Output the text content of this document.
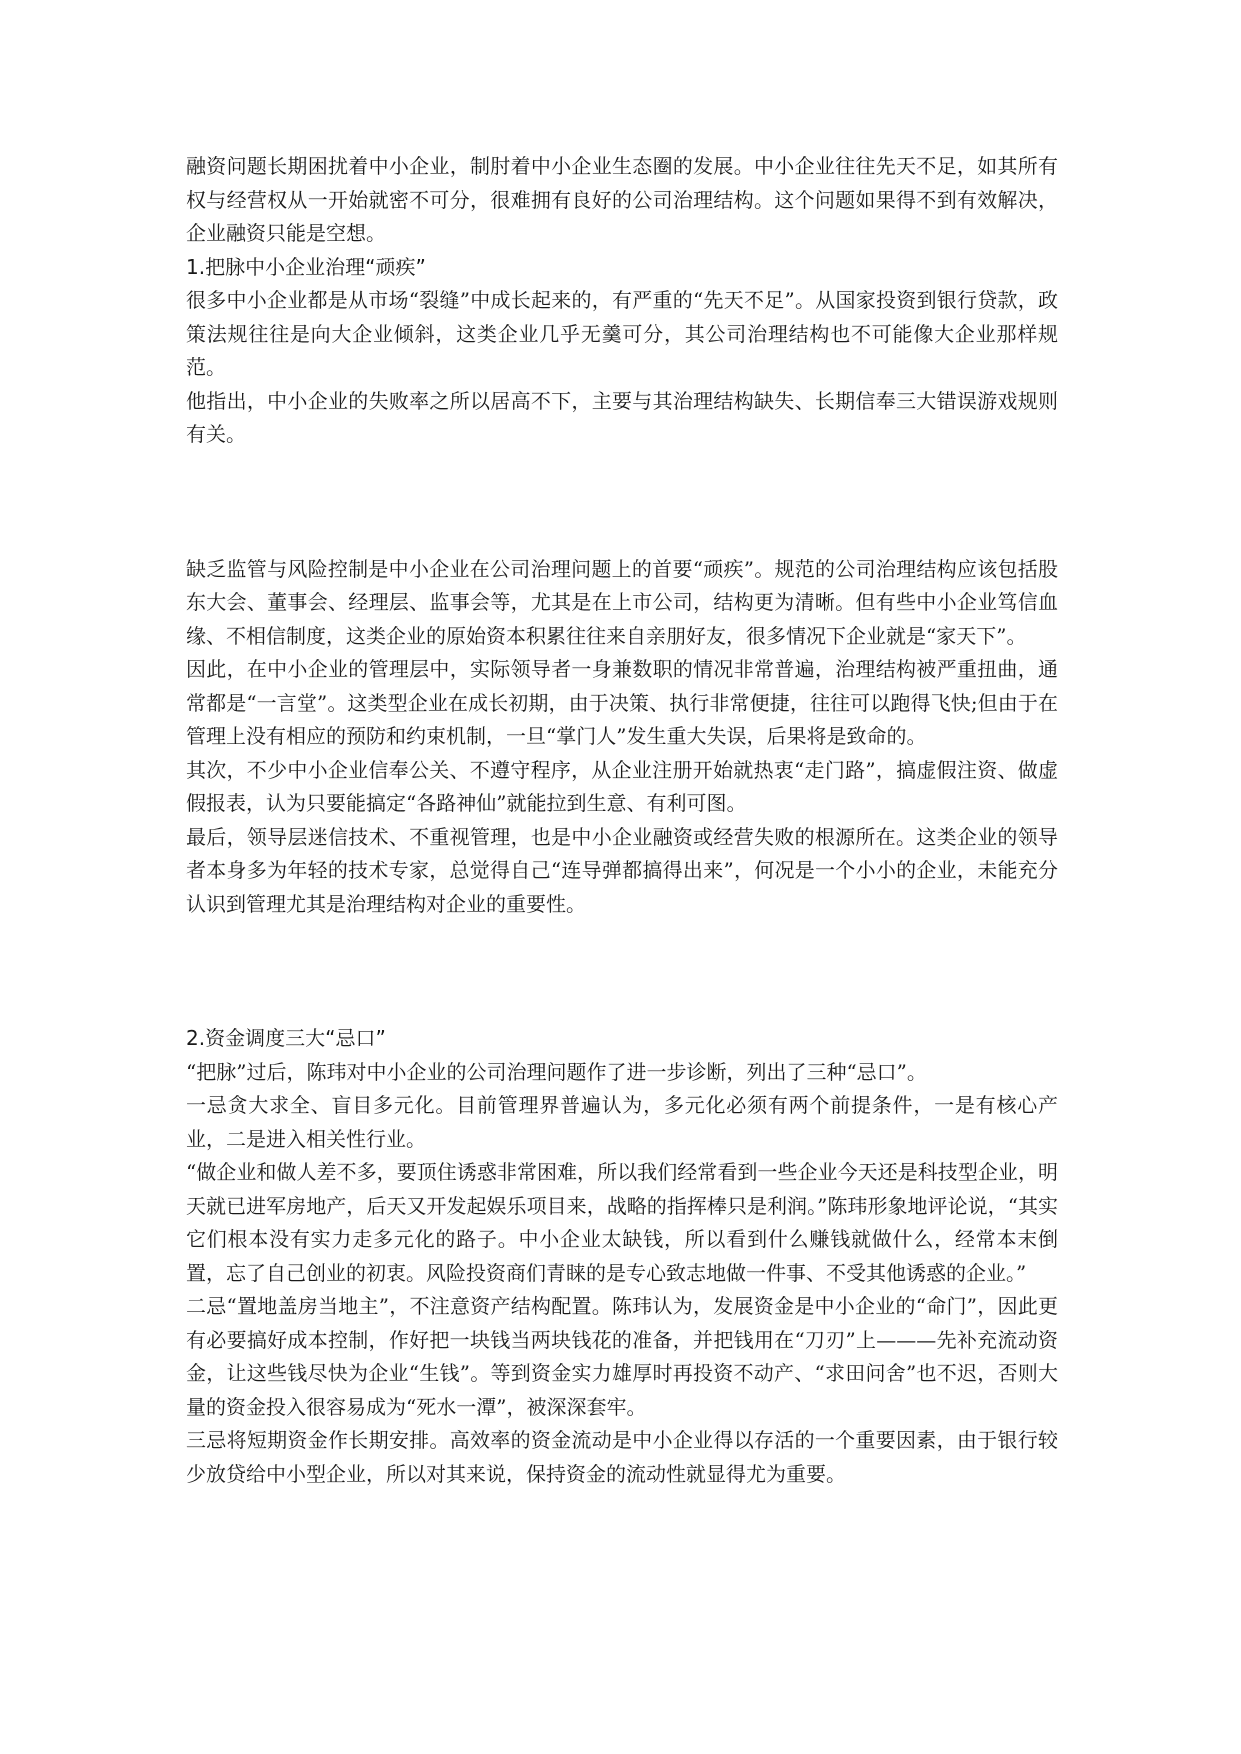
融资问题长期困扰着中小企业，制肘着中小企业生态圈的发展。中小企业往往先天不足，如其所有权与经营权从一开始就密不可分，很难拥有良好的公司治理结构。这个问题如果得不到有效解决，企业融资只能是空想。

1.把脉中小企业治理“顽疾”

很多中小企业都是从市场“裂缝”中成长起来的，有严重的“先天不足”。从国家投资到银行贷款，政策法规往往是向大企业倾斜，这类企业几乎无羹可分，其公司治理结构也不可能像大企业那样规范。

他指出，中小企业的失败率之所以居高不下，主要与其治理结构缺失、长期信奉三大错误游戏规则有关。

缺乏监管与风险控制是中小企业在公司治理问题上的首要“顽疾”。规范的公司治理结构应该包括股东大会、董事会、经理层、监事会等，尤其是在上市公司，结构更为清晰。但有些中小企业笃信血缘、不相信制度，这类企业的原始资本积累往往来自亲朋好友，很多情况下企业就是“家天下”。

因此，在中小企业的管理层中，实际领导者一身兼数职的情况非常普遍，治理结构被严重扭曲，通常都是“一言堂”。这类型企业在成长初期，由于决策、执行非常便捷，往往可以跑得飞快;但由于在管理上没有相应的预防和约束机制，一旦“掌门人”发生重大失误，后果将是致命的。

其次，不少中小企业信奉公关、不遵守程序，从企业注册开始就热衷“走门路”，搞虚假注资、做虚假报表，认为只要能搞定“各路神仙”就能拉到生意、有利可图。

最后，领导层迷信技术、不重视管理，也是中小企业融资或经营失败的根源所在。这类企业的领导者本身多为年轻的技术专家，总觉得自己“连导弹都搞得出来”，何况是一个小小的企业，未能充分认识到管理尤其是治理结构对企业的重要性。

2.资金调度三大“忌口”

“把脉”过后，陈玮对中小企业的公司治理问题作了进一步诊断，列出了三种“忌口”。

一忌贪大求全、盲目多元化。目前管理界普遍认为，多元化必须有两个前提条件，一是有核心产业，二是进入相关性行业。

“做企业和做人差不多，要顶住诱惑非常困难，所以我们经常看到一些企业今天还是科技型企业，明天就已进军房地产，后天又开发起娱乐项目来，战略的指挥棒只是利润。”陈玮形象地评论说，“其实它们根本没有实力走多元化的路子。中小企业太缺钱，所以看到什么赚钱就做什么，经常本末倒置，忘了自己创业的初衷。风险投资商们青睐的是专心致志地做一件事、不受其他诱惑的企业。”

二忌“置地盖房当地主”，不注意资产结构配置。陈玮认为，发展资金是中小企业的“命门”，因此更有必要搞好成本控制，作好把一块钱当两块钱花的准备，并把钱用在“刀刃”上———先补充流动资金，让这些钱尽快为企业“生钱”。等到资金实力雄厚时再投资不动产、“求田问舍”也不迟，否则大量的资金投入很容易成为“死水一潭”，被深深套牢。

三忌将短期资金作长期安排。高效率的资金流动是中小企业得以存活的一个重要因素，由于银行较少放贷给中小型企业，所以对其来说，保持资金的流动性就显得尤为重要。
